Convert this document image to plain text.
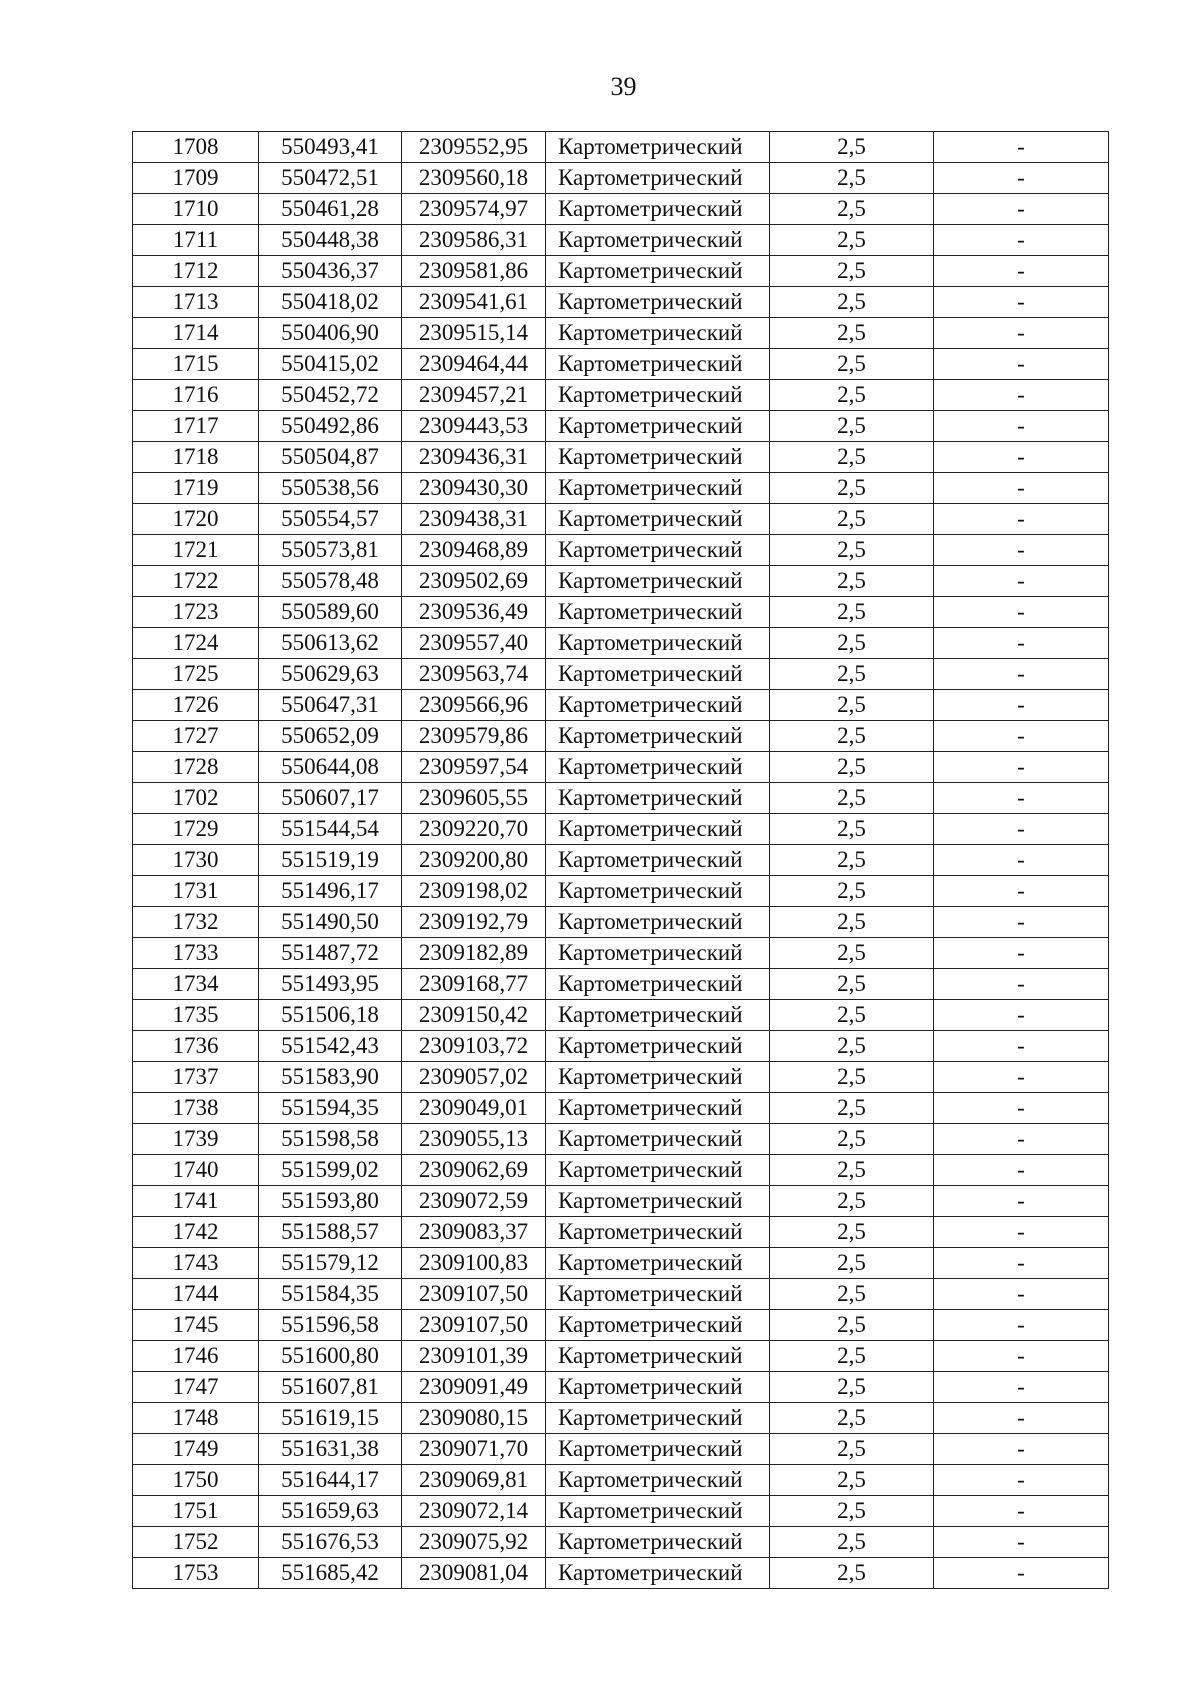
39
1708	550493,41	2309552,95	Картометрический	2,5	-
1709	550472,51	2309560,18	Картометрический	2,5	-
1710	550461,28	2309574,97	Картометрический	2,5	-
1711	550448,38	2309586,31	Картометрический	2,5	-
1712	550436,37	2309581,86	Картометрический	2,5	-
1713	550418,02	2309541,61	Картометрический	2,5	-
1714	550406,90	2309515,14	Картометрический	2,5	-
1715	550415,02	2309464,44	Картометрический	2,5	-
1716	550452,72	2309457,21	Картометрический	2,5	-
1717	550492,86	2309443,53	Картометрический	2,5	-
1718	550504,87	2309436,31	Картометрический	2,5	-
1719	550538,56	2309430,30	Картометрический	2,5	-
1720	550554,57	2309438,31	Картометрический	2,5	-
1721	550573,81	2309468,89	Картометрический	2,5	-
1722	550578,48	2309502,69	Картометрический	2,5	-
1723	550589,60	2309536,49	Картометрический	2,5	-
1724	550613,62	2309557,40	Картометрический	2,5	-
1725	550629,63	2309563,74	Картометрический	2,5	-
1726	550647,31	2309566,96	Картометрический	2,5	-
1727	550652,09	2309579,86	Картометрический	2,5	-
1728	550644,08	2309597,54	Картометрический	2,5	-
1702	550607,17	2309605,55	Картометрический	2,5	-
1729	551544,54	2309220,70	Картометрический	2,5	-
1730	551519,19	2309200,80	Картометрический	2,5	-
1731	551496,17	2309198,02	Картометрический	2,5	-
1732	551490,50	2309192,79	Картометрический	2,5	-
1733	551487,72	2309182,89	Картометрический	2,5	-
1734	551493,95	2309168,77	Картометрический	2,5	-
1735	551506,18	2309150,42	Картометрический	2,5	-
1736	551542,43	2309103,72	Картометрический	2,5	-
1737	551583,90	2309057,02	Картометрический	2,5	-
1738	551594,35	2309049,01	Картометрический	2,5	-
1739	551598,58	2309055,13	Картометрический	2,5	-
1740	551599,02	2309062,69	Картометрический	2,5	-
1741	551593,80	2309072,59	Картометрический	2,5	-
1742	551588,57	2309083,37	Картометрический	2,5	-
1743	551579,12	2309100,83	Картометрический	2,5	-
1744	551584,35	2309107,50	Картометрический	2,5	-
1745	551596,58	2309107,50	Картометрический	2,5	-
1746	551600,80	2309101,39	Картометрический	2,5	-
1747	551607,81	2309091,49	Картометрический	2,5	-
1748	551619,15	2309080,15	Картометрический	2,5	-
1749	551631,38	2309071,70	Картометрический	2,5	-
1750	551644,17	2309069,81	Картометрический	2,5	-
1751	551659,63	2309072,14	Картометрический	2,5	-
1752	551676,53	2309075,92	Картометрический	2,5	-
1753	551685,42	2309081,04	Картометрический	2,5	-
